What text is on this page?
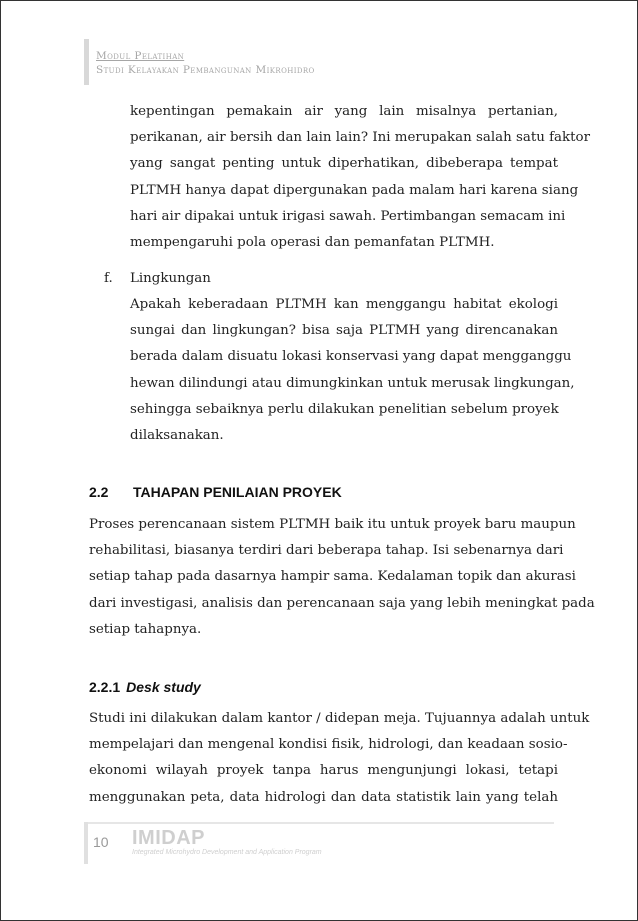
Modul Pelatihan
Studi Kelayakan Pembangunan Mikrohidro
kepentingan pemakain air yang lain misalnya pertanian,
perikanan, air bersih dan lain lain? Ini merupakan salah satu faktor
yang sangat penting untuk diperhatikan, dibeberapa tempat
PLTMH hanya dapat dipergunakan pada malam hari karena siang
hari air dipakai untuk irigasi sawah. Pertimbangan semacam ini
mempengaruhi pola operasi dan pemanfatan PLTMH.
f. Lingkungan
Apakah keberadaan PLTMH kan menggangu habitat ekologi
sungai dan lingkungan? bisa saja PLTMH yang direncanakan
berada dalam disuatu lokasi konservasi yang dapat mengganggu
hewan dilindungi atau dimungkinkan untuk merusak lingkungan,
sehingga sebaiknya perlu dilakukan penelitian sebelum proyek
dilaksanakan.
2.2 TAHAPAN PENILAIAN PROYEK
Proses perencanaan sistem PLTMH baik itu untuk proyek baru maupun
rehabilitasi, biasanya terdiri dari beberapa tahap. Isi sebenarnya dari
setiap tahap pada dasarnya hampir sama. Kedalaman topik dan akurasi
dari investigasi, analisis dan perencanaan saja yang lebih meningkat pada
setiap tahapnya.
2.2.1 Desk study
Studi ini dilakukan dalam kantor / didepan meja. Tujuannya adalah untuk
mempelajari dan mengenal kondisi fisik, hidrologi, dan keadaan sosio-
ekonomi wilayah proyek tanpa harus mengunjungi lokasi, tetapi
menggunakan peta, data hidrologi dan data statistik lain yang telah
10 IMIDAP
Integrated Microhydro Development and Application Program
